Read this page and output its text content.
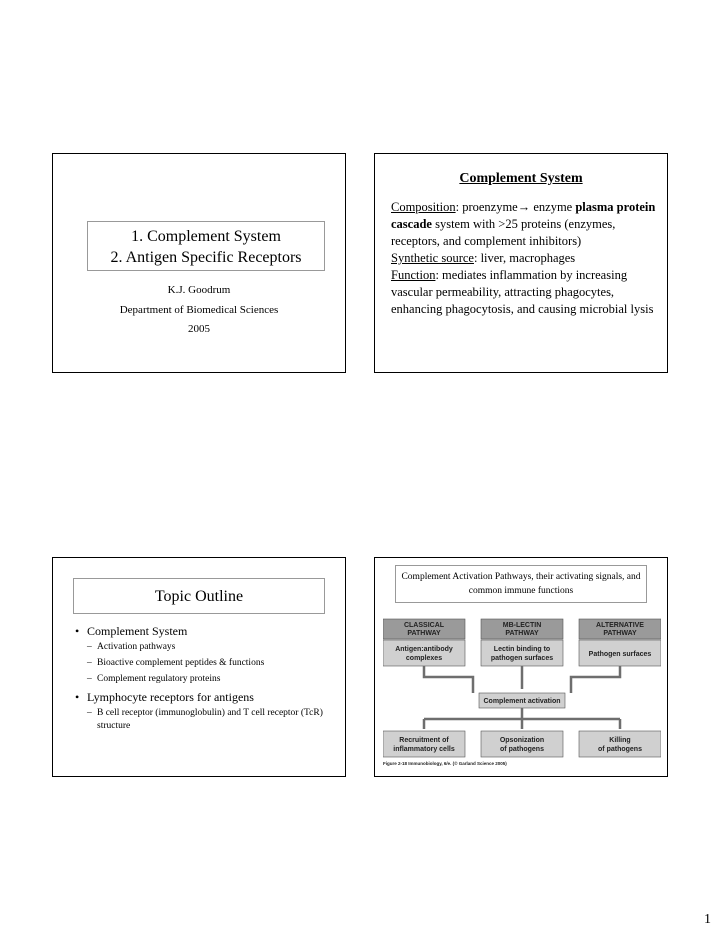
1. Complement System
2. Antigen Specific Receptors
K.J. Goodrum
Department of Biomedical Sciences
2005
Complement System
Composition: proenzyme→ enzyme plasma protein cascade system with >25 proteins (enzymes, receptors, and complement inhibitors)
Synthetic source: liver, macrophages
Function: mediates inflammation by increasing vascular permeability, attracting phagocytes, enhancing phagocytosis, and causing microbial lysis
Topic Outline
• Complement System
– Activation pathways
– Bioactive complement peptides & functions
– Complement regulatory proteins
• Lymphocyte receptors for antigens
– B cell receptor (immunoglobulin) and T cell receptor (TcR) structure
Complement Activation Pathways, their activating signals, and common immune functions
CLASSICAL
PATHWAY
MB-LECTIN
PATHWAY
ALTERNATIVE
PATHWAY
Antigen:antibody
complexes
Lectin binding to
pathogen surfaces
Pathogen surfaces
Complement activation
Recruitment of
inflammatory cells
Opsonization
of pathogens
Killing
of pathogens
Figure 2-18 Immunobiology, 6/e. (© Garland Science 2005)
1
